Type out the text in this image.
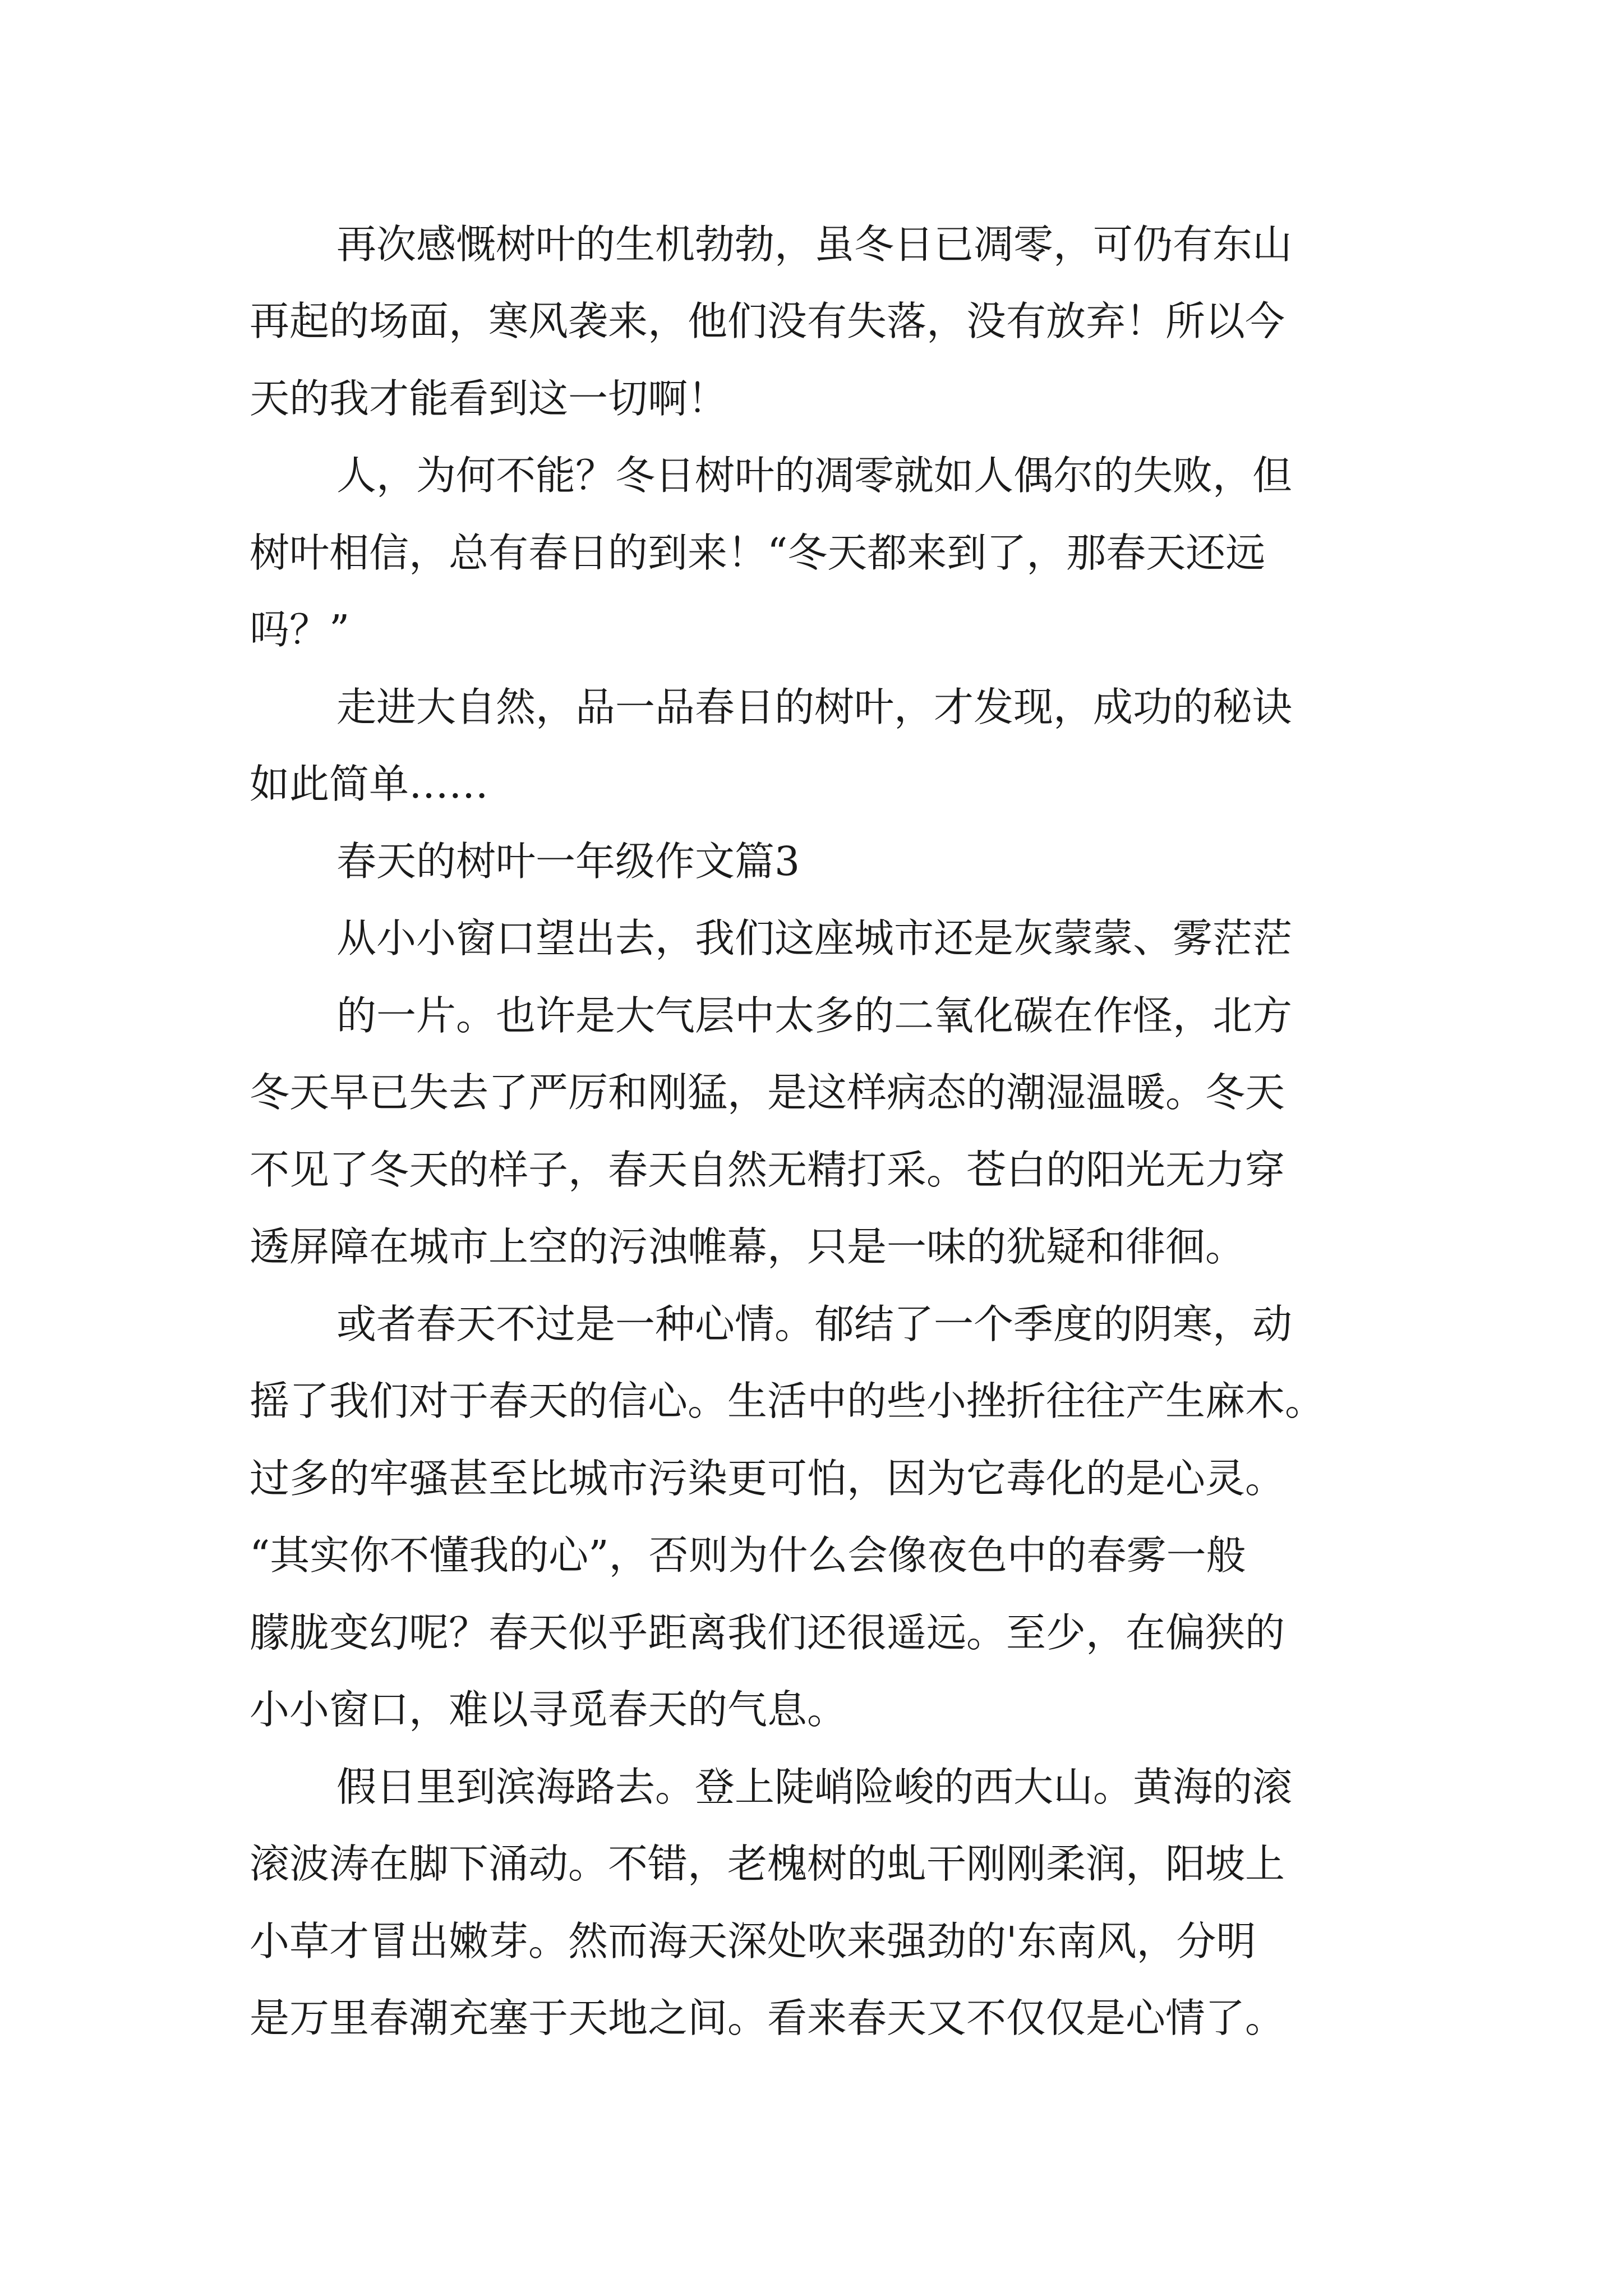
再次感慨树叶的生机勃勃，虽冬日已凋零，可仍有东山
再起的场面，寒风袭来，他们没有失落，没有放弃！所以今
天的我才能看到这一切啊！
人，为何不能？冬日树叶的凋零就如人偶尔的失败，但
树叶相信，总有春日的到来！“冬天都来到了，那春天还远
吗？”
走进大自然，品一品春日的树叶，才发现，成功的秘诀
如此简单……
春天的树叶一年级作文篇3
从小小窗口望出去，我们这座城市还是灰蒙蒙、雾茫茫
的一片。也许是大气层中太多的二氧化碳在作怪，北方
冬天早已失去了严厉和刚猛，是这样病态的潮湿温暖。冬天
不见了冬天的样子，春天自然无精打采。苍白的阳光无力穿
透屏障在城市上空的污浊帷幕，只是一味的犹疑和徘徊。
或者春天不过是一种心情。郁结了一个季度的阴寒，动
摇了我们对于春天的信心。生活中的些小挫折往往产生麻木。
过多的牢骚甚至比城市污染更可怕，因为它毒化的是心灵。
“其实你不懂我的心”，否则为什么会像夜色中的春雾一般
朦胧变幻呢？春天似乎距离我们还很遥远。至少，在偏狭的
小小窗口，难以寻觅春天的气息。
假日里到滨海路去。登上陡峭险峻的西大山。黄海的滚
滚波涛在脚下涌动。不错，老槐树的虬干刚刚柔润，阳坡上
小草才冒出嫩芽。然而海天深处吹来强劲的'东南风，分明
是万里春潮充塞于天地之间。看来春天又不仅仅是心情了。
